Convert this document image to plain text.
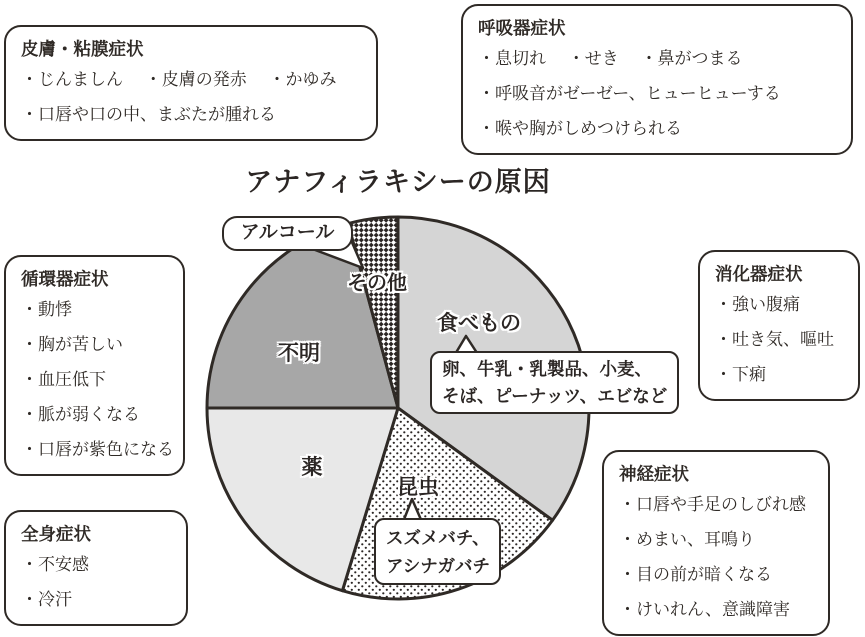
アナフィラキシーの原因
皮膚・粘膜症状
・じんましん　 ・皮膚の発赤　 ・かゆみ
・口唇や口の中、まぶたが腫れる
呼吸器症状
・息切れ　 ・せき　 ・鼻がつまる
・呼吸音がゼーゼー、ヒューヒューする
・喉や胸がしめつけられる
循環器症状
・動悸
・胸が苦しい
・血圧低下
・脈が弱くなる
・口唇が紫色になる
消化器症状
・強い腹痛
・吐き気、嘔吐
・下痢
全身症状
・不安感
・冷汗
神経症状
・口唇や手足のしびれ感
・めまい、耳鳴り
・目の前が暗くなる
・けいれん、意識障害
食べもの
昆虫
薬
不明
その他
アルコール
卵、牛乳・乳製品、小麦、
そば、ピーナッツ、エビなど
スズメバチ、
アシナガバチ
